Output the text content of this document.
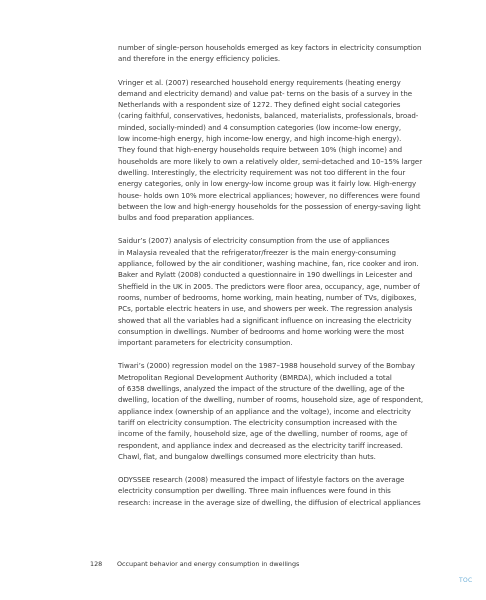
number of single-person households emerged as key factors in electricity consumption
and therefore in the energy efficiency policies.

Vringer et al. (2007) researched household energy requirements (heating energy
demand and electricity demand) and value pat- terns on the basis of a survey in the
Netherlands with a respondent size of 1272. They defined eight social categories
(caring faithful, conservatives, hedonists, balanced, materialists, professionals, broad-
minded, socially-minded) and 4 consumption categories (low income-low energy,
low income-high energy, high income-low energy, and high income-high energy).
They found that high-energy households require between 10% (high income) and
households are more likely to own a relatively older, semi-detached and 10–15% larger
dwelling. Interestingly, the electricity requirement was not too different in the four
energy categories, only in low energy-low income group was it fairly low. High-energy
house- holds own 10% more electrical appliances; however, no differences were found
between the low and high-energy households for the possession of energy-saving light
bulbs and food preparation appliances.

Saidur’s (2007) analysis of electricity consumption from the use of appliances
in Malaysia revealed that the refrigerator/freezer is the main energy-consuming
appliance, followed by the air conditioner, washing machine, fan, rice cooker and iron.
Baker and Rylatt (2008) conducted a questionnaire in 190 dwellings in Leicester and
Sheffield in the UK in 2005. The predictors were floor area, occupancy, age, number of
rooms, number of bedrooms, home working, main heating, number of TVs, digiboxes,
PCs, portable electric heaters in use, and showers per week. The regression analysis
showed that all the variables had a significant influence on increasing the electricity
consumption in dwellings. Number of bedrooms and home working were the most
important parameters for electricity consumption.

Tiwari’s (2000) regression model on the 1987–1988 household survey of the Bombay
Metropolitan Regional Development Authority (BMRDA), which included a total
of 6358 dwellings, analyzed the impact of the structure of the dwelling, age of the
dwelling, location of the dwelling, number of rooms, household size, age of respondent,
appliance index (ownership of an appliance and the voltage), income and electricity
tariff on electricity consumption. The electricity consumption increased with the
income of the family, household size, age of the dwelling, number of rooms, age of
respondent, and appliance index and decreased as the electricity tariff increased.
Chawl, flat, and bungalow dwellings consumed more electricity than huts.

ODYSSEE research (2008) measured the impact of lifestyle factors on the average
electricity consumption per dwelling. Three main influences were found in this
research: increase in the average size of dwelling, the diffusion of electrical appliances

128 Occupant behavior and energy consumption in dwellings
TOC
